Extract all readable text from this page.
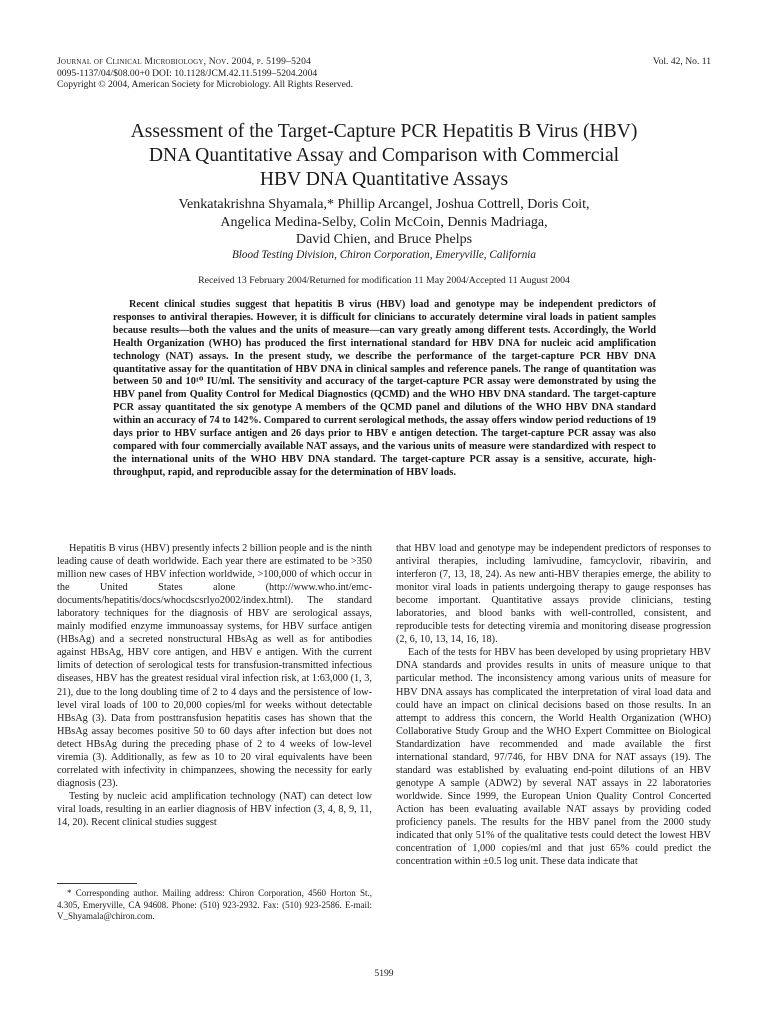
Journal of Clinical Microbiology, Nov. 2004, p. 5199–5204
0095-1137/04/$08.00+0 DOI: 10.1128/JCM.42.11.5199–5204.2004
Copyright © 2004, American Society for Microbiology. All Rights Reserved.
Vol. 42, No. 11
Assessment of the Target-Capture PCR Hepatitis B Virus (HBV)
DNA Quantitative Assay and Comparison with Commercial
HBV DNA Quantitative Assays
Venkatakrishna Shyamala,* Phillip Arcangel, Joshua Cottrell, Doris Coit,
Angelica Medina-Selby, Colin McCoin, Dennis Madriaga,
David Chien, and Bruce Phelps
Blood Testing Division, Chiron Corporation, Emeryville, California
Received 13 February 2004/Returned for modification 11 May 2004/Accepted 11 August 2004
Recent clinical studies suggest that hepatitis B virus (HBV) load and genotype may be independent predictors of responses to antiviral therapies. However, it is difficult for clinicians to accurately determine viral loads in patient samples because results—both the values and the units of measure—can vary greatly among different tests. Accordingly, the World Health Organization (WHO) has produced the first international standard for HBV DNA for nucleic acid amplification technology (NAT) assays. In the present study, we describe the performance of the target-capture PCR HBV DNA quantitative assay for the quantitation of HBV DNA in clinical samples and reference panels. The range of quantitation was between 50 and 10¹⁰ IU/ml. The sensitivity and accuracy of the target-capture PCR assay were demonstrated by using the HBV panel from Quality Control for Medical Diagnostics (QCMD) and the WHO HBV DNA standard. The target-capture PCR assay quantitated the six genotype A members of the QCMD panel and dilutions of the WHO HBV DNA standard within an accuracy of 74 to 142%. Compared to current serological methods, the assay offers window period reductions of 19 days prior to HBV surface antigen and 26 days prior to HBV e antigen detection. The target-capture PCR assay was also compared with four commercially available NAT assays, and the various units of measure were standardized with respect to the international units of the WHO HBV DNA standard. The target-capture PCR assay is a sensitive, accurate, high-throughput, rapid, and reproducible assay for the determination of HBV loads.

Hepatitis B virus (HBV) presently infects 2 billion people and is the ninth leading cause of death worldwide. Each year there are estimated to be >350 million new cases of HBV infection worldwide, >100,000 of which occur in the United States alone (http://www.who.int/emc-documents/hepatitis/docs/whocdscsrlyo2002/index.html). The standard laboratory techniques for the diagnosis of HBV are serological assays, mainly modified enzyme immunoassay systems, for HBV surface antigen (HBsAg) and a secreted nonstructural HBsAg as well as for antibodies against HBsAg, HBV core antigen, and HBV e antigen. With the current limits of detection of serological tests for transfusion-transmitted infectious diseases, HBV has the greatest residual viral infection risk, at 1:63,000 (1, 3, 21), due to the long doubling time of 2 to 4 days and the persistence of low-level viral loads of 100 to 20,000 copies/ml for weeks without detectable HBsAg (3). Data from posttransfusion hepatitis cases has shown that the HBsAg assay becomes positive 50 to 60 days after infection but does not detect HBsAg during the preceding phase of 2 to 4 weeks of low-level viremia (3). Additionally, as few as 10 to 20 viral equivalents have been correlated with infectivity in chimpanzees, showing the necessity for early diagnosis (23).

Testing by nucleic acid amplification technology (NAT) can detect low viral loads, resulting in an earlier diagnosis of HBV infection (3, 4, 8, 9, 11, 14, 20). Recent clinical studies suggest

that HBV load and genotype may be independent predictors of responses to antiviral therapies, including lamivudine, famcyclovir, ribavirin, and interferon (7, 13, 18, 24). As new anti-HBV therapies emerge, the ability to monitor viral loads in patients undergoing therapy to gauge responses has become important. Quantitative assays provide clinicians, testing laboratories, and blood banks with well-controlled, consistent, and reproducible tests for detecting viremia and monitoring disease progression (2, 6, 10, 13, 14, 16, 18).

Each of the tests for HBV has been developed by using proprietary HBV DNA standards and provides results in units of measure unique to that particular method. The inconsistency among various units of measure for HBV DNA assays has complicated the interpretation of viral load data and could have an impact on clinical decisions based on those results. In an attempt to address this concern, the World Health Organization (WHO) Collaborative Study Group and the WHO Expert Committee on Biological Standardization have recommended and made available the first international standard, 97/746, for HBV DNA for NAT assays (19). The standard was established by evaluating end-point dilutions of an HBV genotype A sample (ADW2) by several NAT assays in 22 laboratories worldwide. Since 1999, the European Union Quality Control Concerted Action has been evaluating available NAT assays by providing coded proficiency panels. The results for the HBV panel from the 2000 study indicated that only 51% of the qualitative tests could detect the lowest HBV concentration of 1,000 copies/ml and that just 65% could predict the concentration within ±0.5 log unit. These data indicate that

* Corresponding author. Mailing address: Chiron Corporation, 4560 Horton St., 4.305, Emeryville, CA 94608. Phone: (510) 923-2932. Fax: (510) 923-2586. E-mail: V_Shyamala@chiron.com.
5199
